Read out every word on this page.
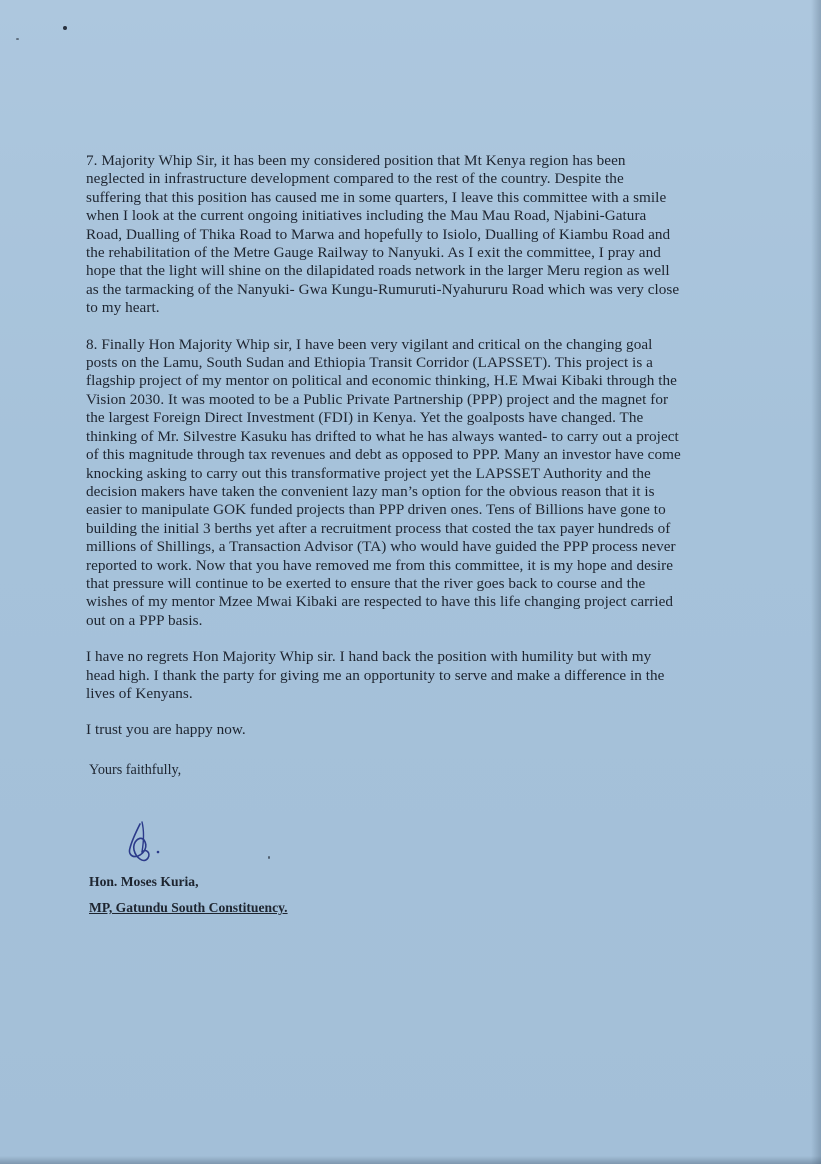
7. Majority Whip Sir, it has been my considered position that Mt Kenya region has been
neglected in infrastructure development compared to the rest of the country. Despite the
suffering that this position has caused me in some quarters, I leave this committee with a smile
when I look at the current ongoing initiatives including the Mau Mau Road, Njabini-Gatura
Road, Dualling of Thika Road to Marwa and hopefully to Isiolo, Dualling of Kiambu Road and
the rehabilitation of the Metre Gauge Railway to Nanyuki. As I exit the committee, I pray and
hope that the light will shine on the dilapidated roads network in the larger Meru region as well
as the tarmacking of the Nanyuki- Gwa Kungu-Rumuruti-Nyahururu Road which was very close
to my heart.
8. Finally Hon Majority Whip sir, I have been very vigilant and critical on the changing goal
posts on the Lamu, South Sudan and Ethiopia Transit Corridor (LAPSSET). This project is a
flagship project of my mentor on political and economic thinking, H.E Mwai Kibaki through the
Vision 2030. It was mooted to be a Public Private Partnership (PPP) project and the magnet for
the largest Foreign Direct Investment (FDI) in Kenya. Yet the goalposts have changed. The
thinking of Mr. Silvestre Kasuku has drifted to what he has always wanted- to carry out a project
of this magnitude through tax revenues and debt as opposed to PPP. Many an investor have come
knocking asking to carry out this transformative project yet the LAPSSET Authority and the
decision makers have taken the convenient lazy man’s option for the obvious reason that it is
easier to manipulate GOK funded projects than PPP driven ones. Tens of Billions have gone to
building the initial 3 berths yet after a recruitment process that costed the tax payer hundreds of
millions of Shillings, a Transaction Advisor (TA) who would have guided the PPP process never
reported to work. Now that you have removed me from this committee, it is my hope and desire
that pressure will continue to be exerted to ensure that the river goes back to course and the
wishes of my mentor Mzee Mwai Kibaki are respected to have this life changing project carried
out on a PPP basis.
I have no regrets Hon Majority Whip sir. I hand back the position with humility but with my
head high. I thank the party for giving me an opportunity to serve and make a difference in the
lives of Kenyans.
I trust you are happy now.
Yours faithfully,
Hon. Moses Kuria,
MP, Gatundu South Constituency.
